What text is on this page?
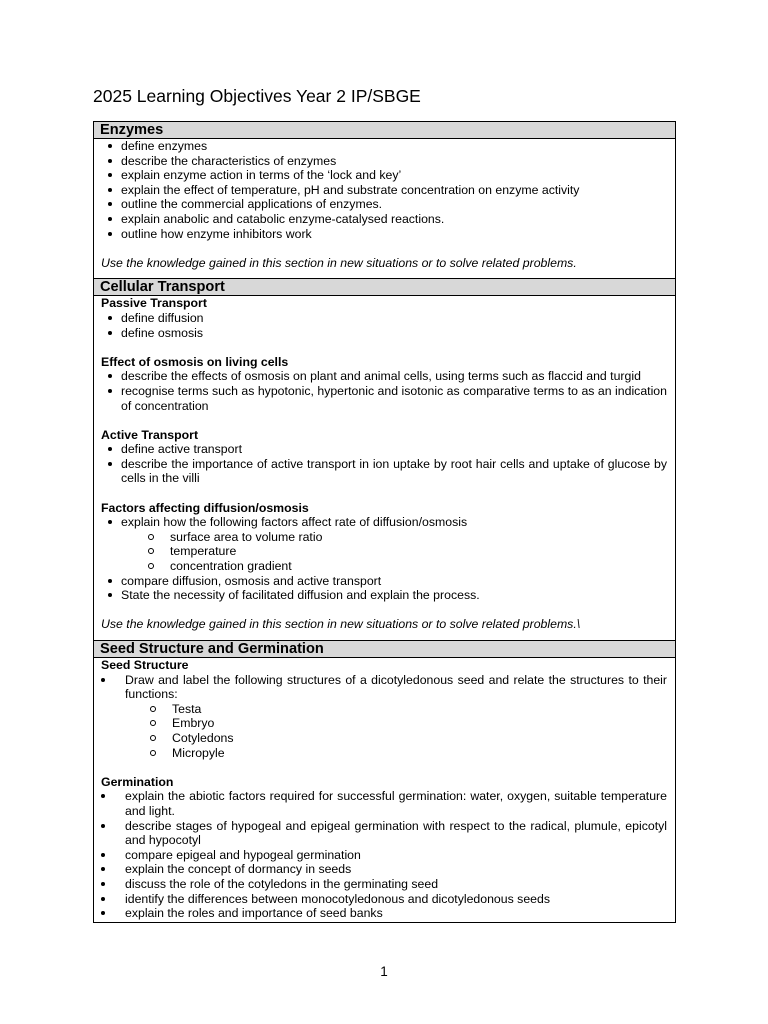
2025 Learning Objectives Year 2 IP/SBGE
Enzymes

define enzymes
describe the characteristics of enzymes
explain enzyme action in terms of the ‘lock and key’
explain the effect of temperature, pH and substrate concentration on enzyme activity
outline the commercial applications of enzymes.
explain anabolic and catabolic enzyme-catalysed reactions.
outline how enzyme inhibitors work
Use the knowledge gained in this section in new situations or to solve related problems.

Cellular Transport

Passive Transport
define diffusion
define osmosis
Effect of osmosis on living cells
describe the effects of osmosis on plant and animal cells, using terms such as flaccid and turgid
recognise terms such as hypotonic, hypertonic and isotonic as comparative terms to as an indication of concentration
Active Transport
define active transport
describe the importance of active transport in ion uptake by root hair cells and uptake of glucose by cells in the villi
Factors affecting diffusion/osmosis
explain how the following factors affect rate of diffusion/osmosis
surface area to volume ratio
temperature
concentration gradient
compare diffusion, osmosis and active transport
State the necessity of facilitated diffusion and explain the process.
Use the knowledge gained in this section in new situations or to solve related problems.\

Seed Structure and Germination

Seed Structure
Draw and label the following structures of a dicotyledonous seed and relate the structures to their functions:
Testa
Embryo
Cotyledons
Micropyle
Germination
explain the abiotic factors required for successful germination: water, oxygen, suitable temperature and light.
describe stages of hypogeal and epigeal germination with respect to the radical, plumule, epicotyl and hypocotyl
compare epigeal and hypogeal germination
explain the concept of dormancy in seeds
discuss the role of the cotyledons in the germinating seed
identify the differences between monocotyledonous and dicotyledonous seeds
explain the roles and importance of seed banks
1
